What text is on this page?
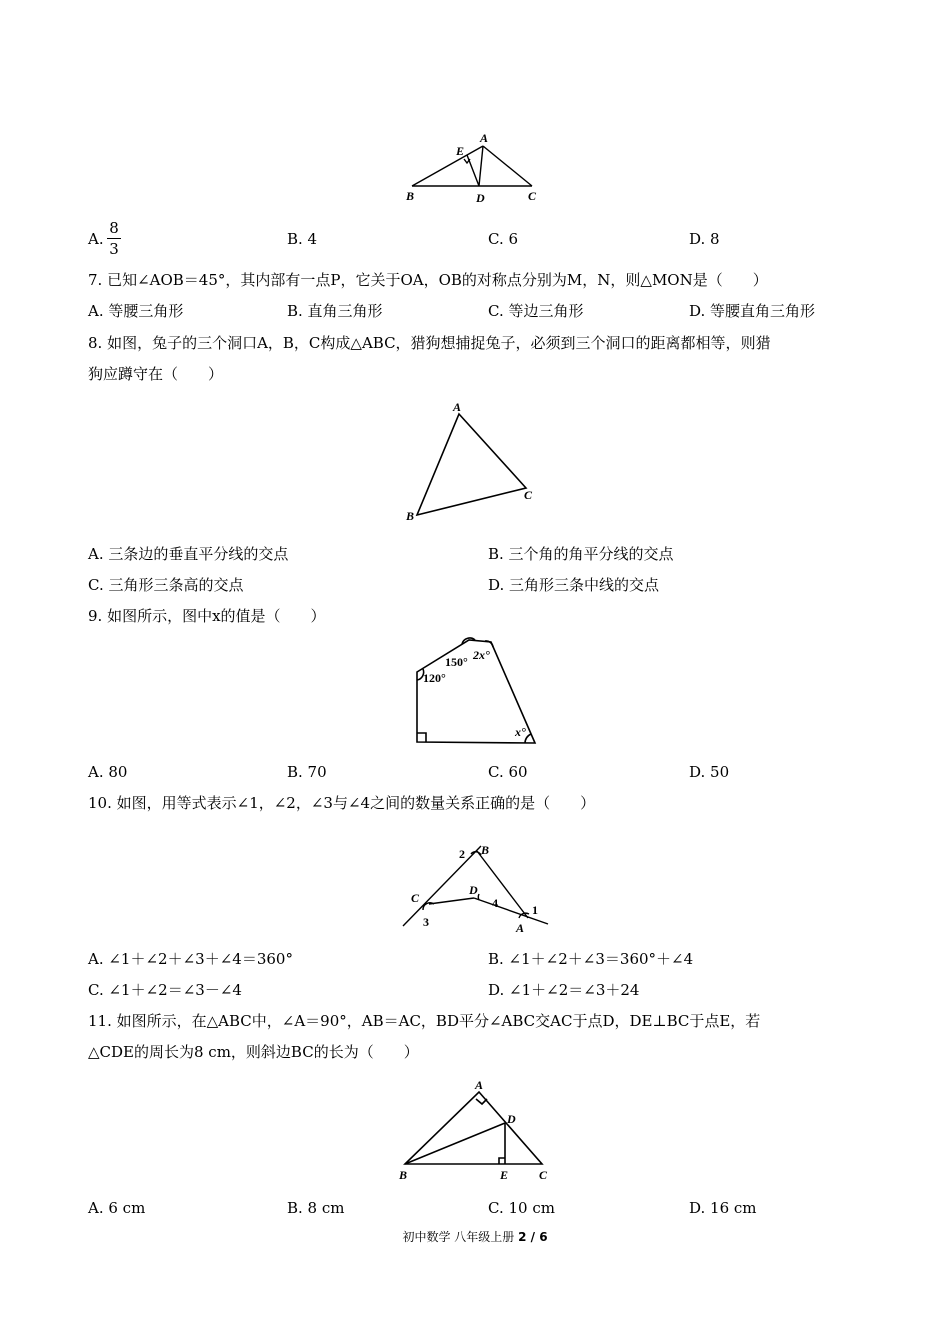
A
E
B	D	C
A.
8
3
B. 4	C. 6	D. 8
7. 已知∠AOB＝45°，其内部有一点P，它关于OA，OB的对称点分别为M，N，则△MON是（　　）
A. 等腰三角形	B. 直角三角形	C. 等边三角形	D. 等腰直角三角形
8. 如图，兔子的三个洞口A，B，C构成△ABC，猎狗想捕捉兔子，必须到三个洞口的距离都相等，则猎
狗应蹲守在（　　）
A
C
B
A. 三条边的垂直平分线的交点	B. 三个角的角平分线的交点
C. 三角形三条高的交点	D. 三角形三条中线的交点
9. 如图所示，图中x的值是（　　）
150° 2x°
120°
x°
A. 80	B. 70	C. 60	D. 50
10. 如图，用等式表示∠1，∠2，∠3与∠4之间的数量关系正确的是（　　）
B
2
C
3
D
4	1
A
A. ∠1＋∠2＋∠3＋∠4＝360°	B. ∠1＋∠2＋∠3＝360°＋∠4
C. ∠1＋∠2＝∠3－∠4	D. ∠1＋∠2＝∠3＋24
11. 如图所示，在△ABC中，∠A＝90°，AB＝AC，BD平分∠ABC交AC于点D，DE⊥BC于点E，若
△CDE的周长为8 cm，则斜边BC的长为（　　）
A
D
B	E	C
A. 6 cm	B. 8 cm	C. 10 cm	D. 16 cm
初中数学 八年级上册 2 / 6
